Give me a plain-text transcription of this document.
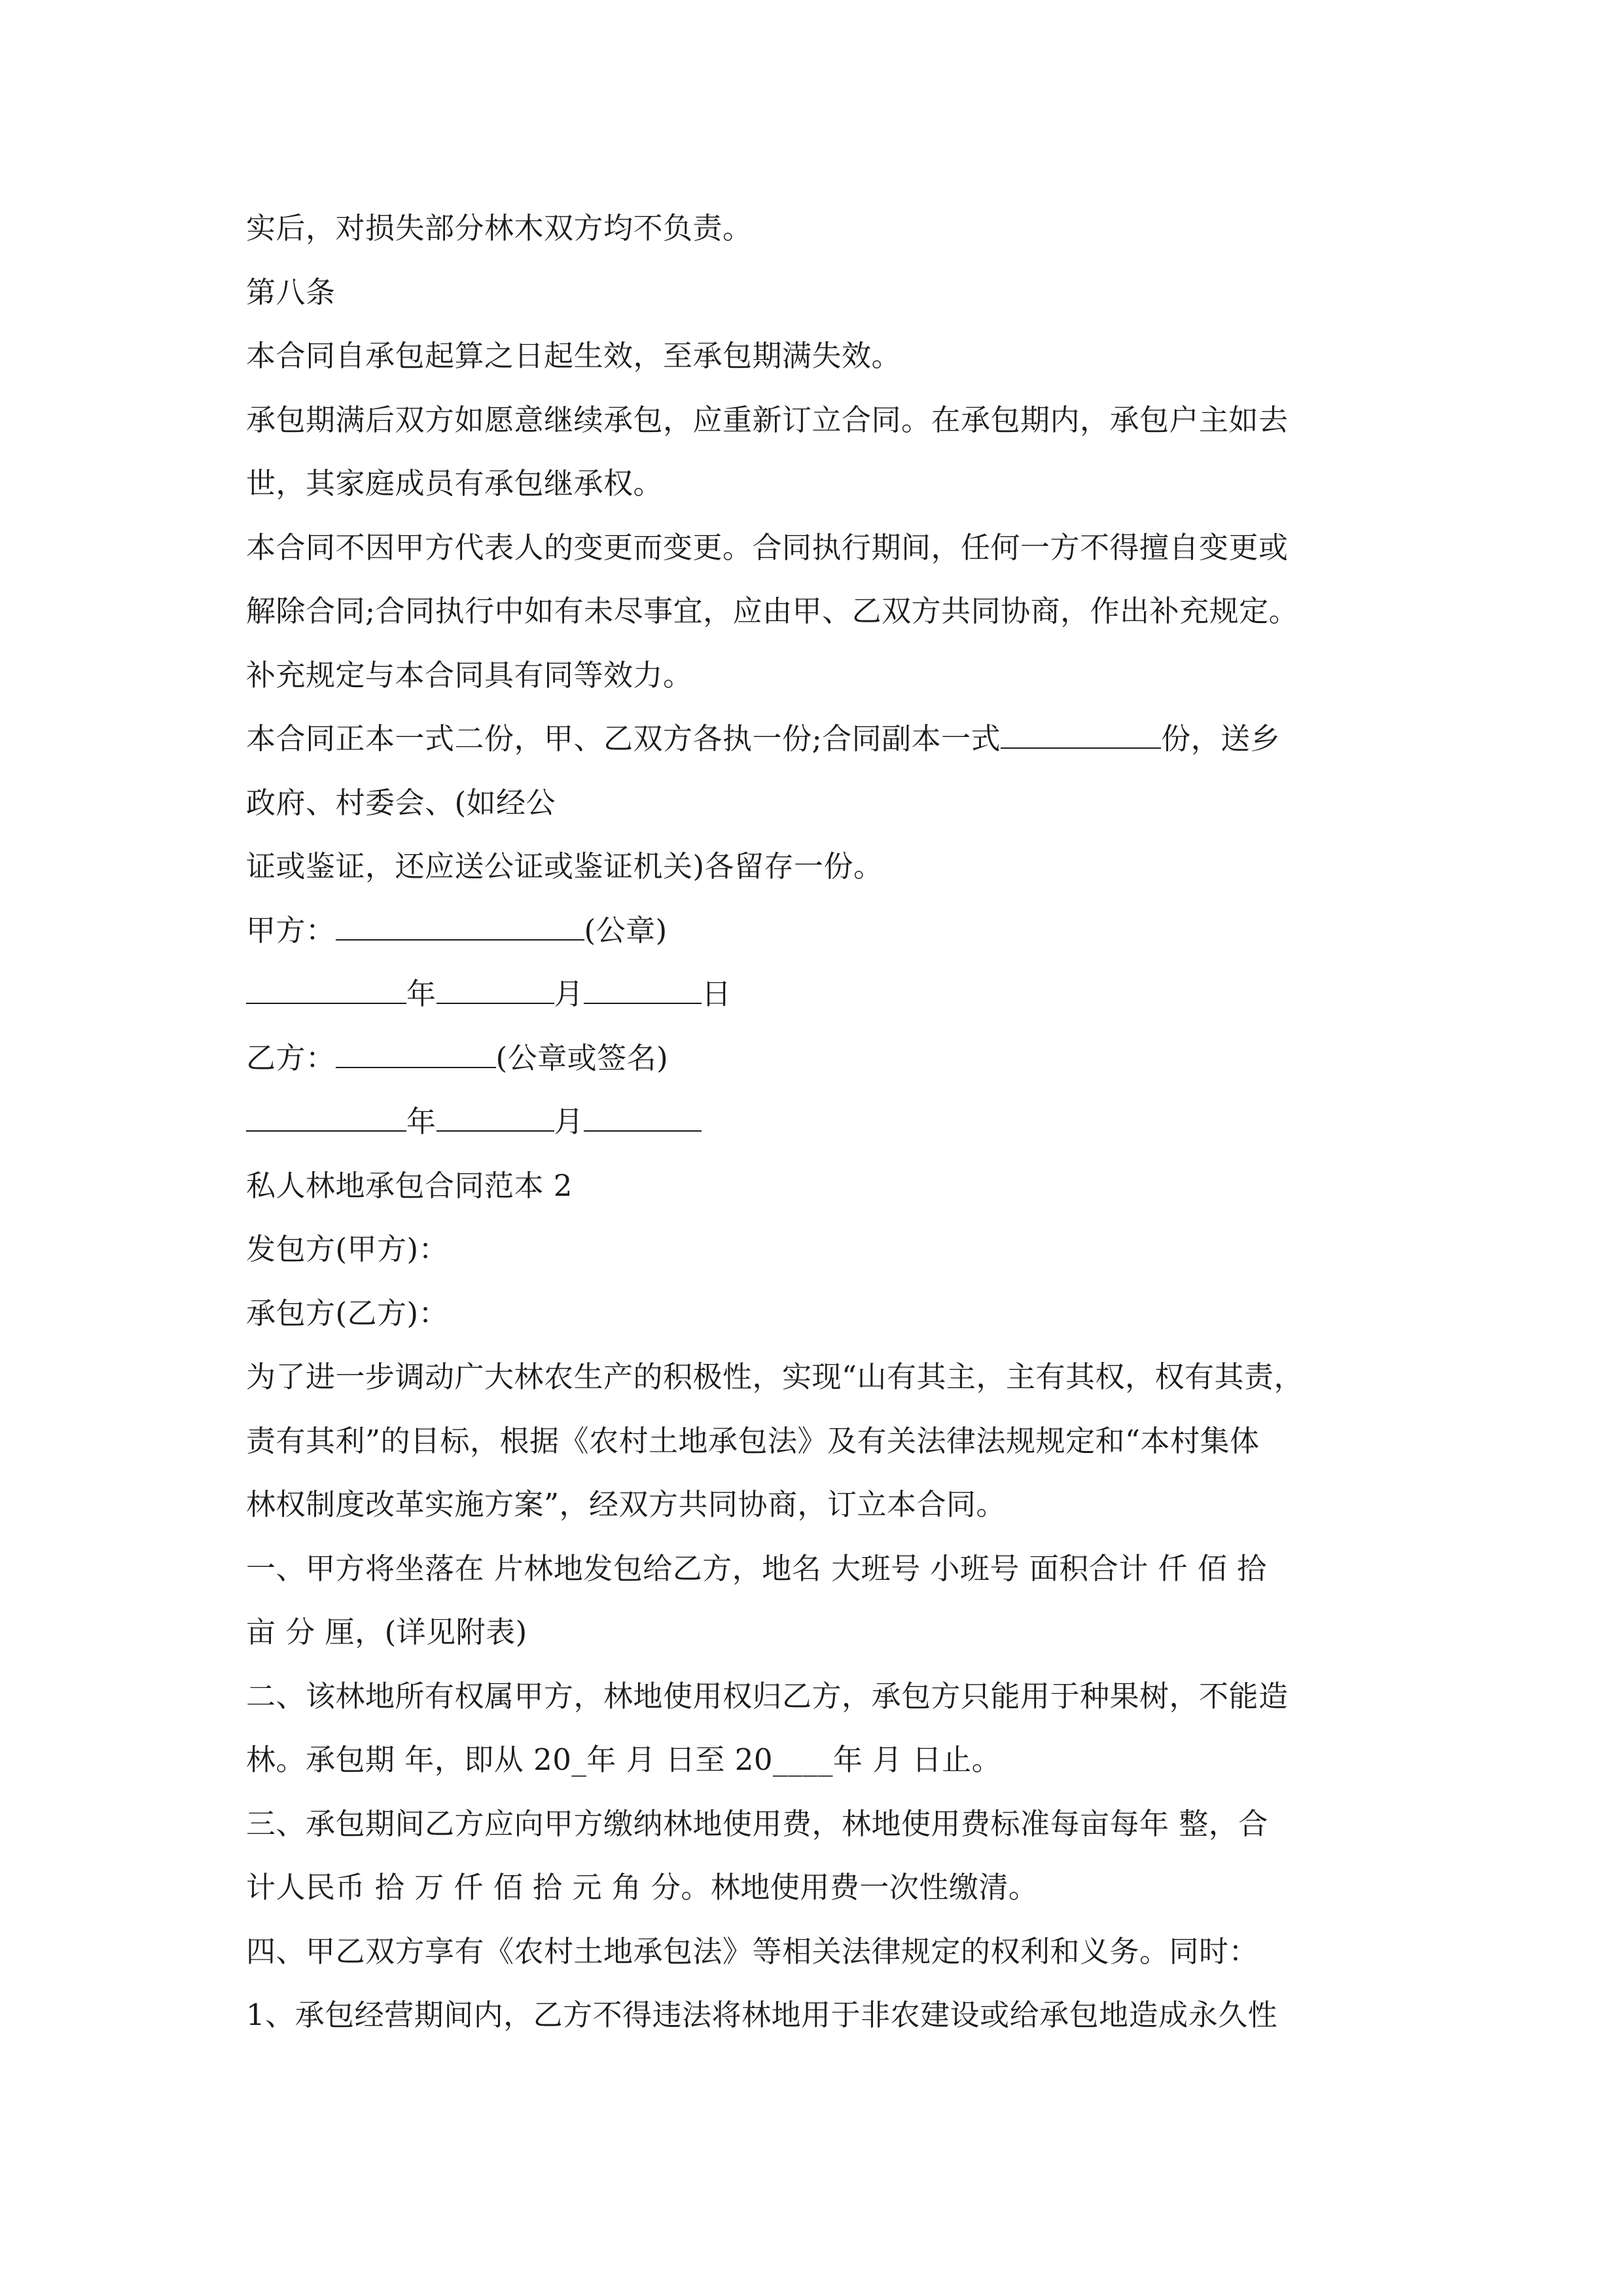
实后，对损失部分林木双方均不负责。
第八条
本合同自承包起算之日起生效，至承包期满失效。
承包期满后双方如愿意继续承包，应重新订立合同。在承包期内，承包户主如去
世，其家庭成员有承包继承权。
本合同不因甲方代表人的变更而变更。合同执行期间，任何一方不得擅自变更或
解除合同;合同执行中如有未尽事宜，应由甲、乙双方共同协商，作出补充规定。
补充规定与本合同具有同等效力。
本合同正本一式二份，甲、乙双方各执一份;合同副本一式	份，送乡
政府、村委会、(如经公
证或鉴证，还应送公证或鉴证机关)各留存一份。
甲方：	(公章)
年	月	日
乙方：	(公章或签名)
年	月
私人林地承包合同范本 2
发包方(甲方)：
承包方(乙方)：
为了进一步调动广大林农生产的积极性，实现“山有其主，主有其权，权有其责，
责有其利”的目标，根据《农村土地承包法》及有关法律法规规定和“本村集体
林权制度改革实施方案”，经双方共同协商，订立本合同。
一、甲方将坐落在 片林地发包给乙方，地名 大班号 小班号 面积合计 仟 佰 拾
亩 分 厘，(详见附表)
二、该林地所有权属甲方，林地使用权归乙方，承包方只能用于种果树，不能造
林。承包期 年，即从 20_年 月 日至 20____年 月 日止。
三、承包期间乙方应向甲方缴纳林地使用费，林地使用费标准每亩每年 整，合
计人民币 拾 万 仟 佰 拾 元 角 分。林地使用费一次性缴清。
四、甲乙双方享有《农村土地承包法》等相关法律规定的权利和义务。同时：
1、承包经营期间内，乙方不得违法将林地用于非农建设或给承包地造成永久性
